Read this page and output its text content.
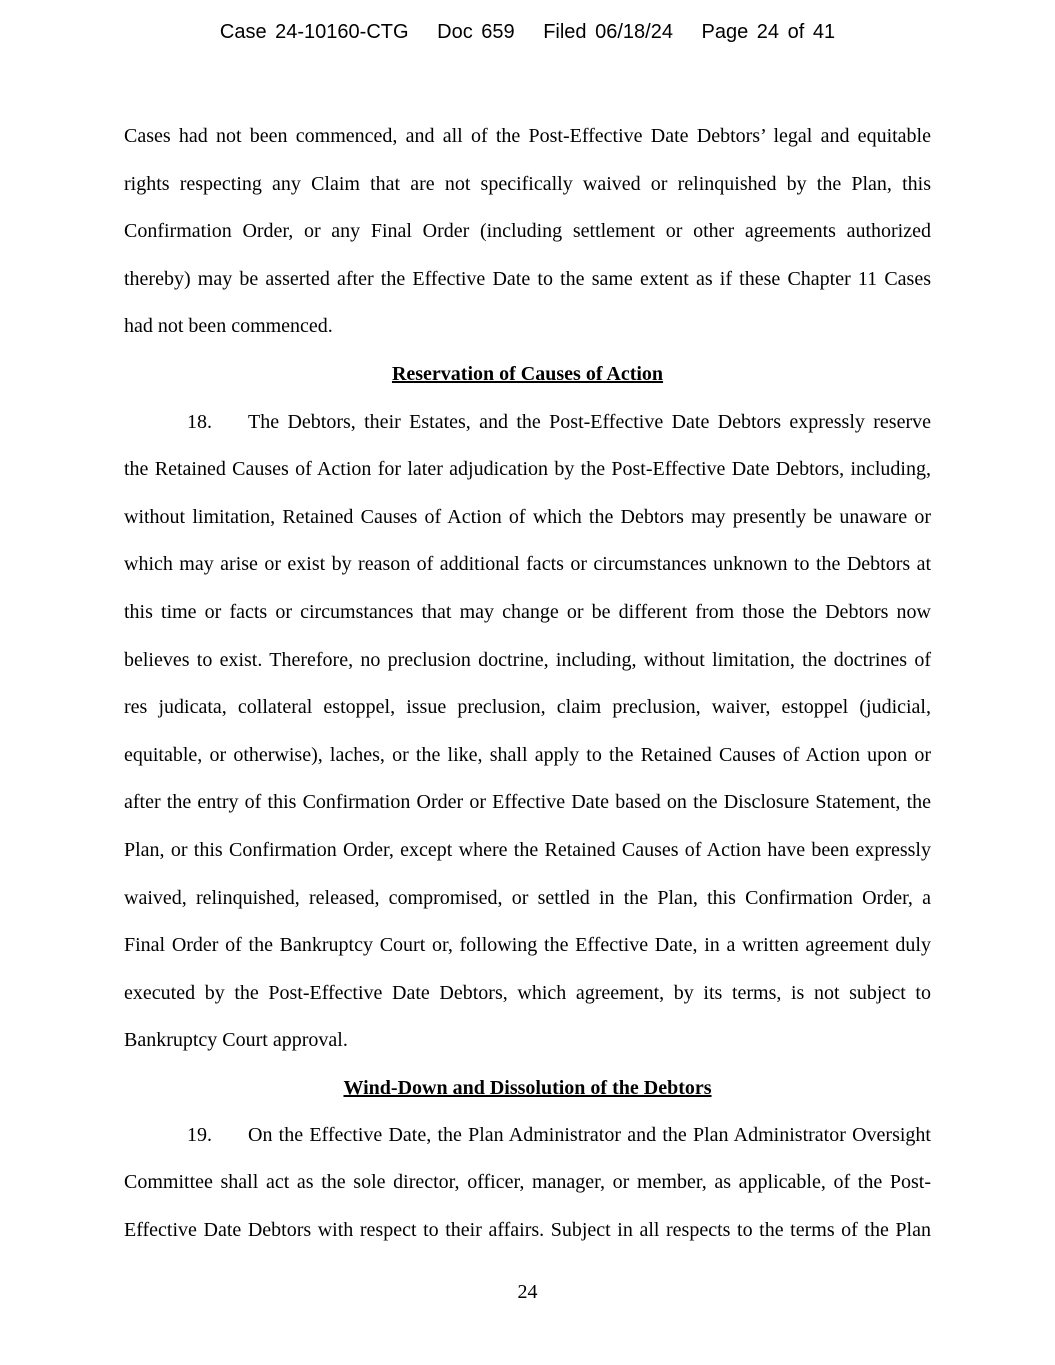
Case 24-10160-CTG Doc 659 Filed 06/18/24 Page 24 of 41
Cases had not been commenced, and all of the Post-Effective Date Debtors’ legal and equitable
rights respecting any Claim that are not specifically waived or relinquished by the Plan, this
Confirmation Order, or any Final Order (including settlement or other agreements authorized
thereby) may be asserted after the Effective Date to the same extent as if these Chapter 11 Cases
had not been commenced.
Reservation of Causes of Action
18. The Debtors, their Estates, and the Post-Effective Date Debtors expressly reserve
the Retained Causes of Action for later adjudication by the Post-Effective Date Debtors, including,
without limitation, Retained Causes of Action of which the Debtors may presently be unaware or
which may arise or exist by reason of additional facts or circumstances unknown to the Debtors at
this time or facts or circumstances that may change or be different from those the Debtors now
believes to exist. Therefore, no preclusion doctrine, including, without limitation, the doctrines of
res judicata, collateral estoppel, issue preclusion, claim preclusion, waiver, estoppel (judicial,
equitable, or otherwise), laches, or the like, shall apply to the Retained Causes of Action upon or
after the entry of this Confirmation Order or Effective Date based on the Disclosure Statement, the
Plan, or this Confirmation Order, except where the Retained Causes of Action have been expressly
waived, relinquished, released, compromised, or settled in the Plan, this Confirmation Order, a
Final Order of the Bankruptcy Court or, following the Effective Date, in a written agreement duly
executed by the Post-Effective Date Debtors, which agreement, by its terms, is not subject to
Bankruptcy Court approval.
Wind-Down and Dissolution of the Debtors
19. On the Effective Date, the Plan Administrator and the Plan Administrator Oversight
Committee shall act as the sole director, officer, manager, or member, as applicable, of the Post-
Effective Date Debtors with respect to their affairs. Subject in all respects to the terms of the Plan
24
